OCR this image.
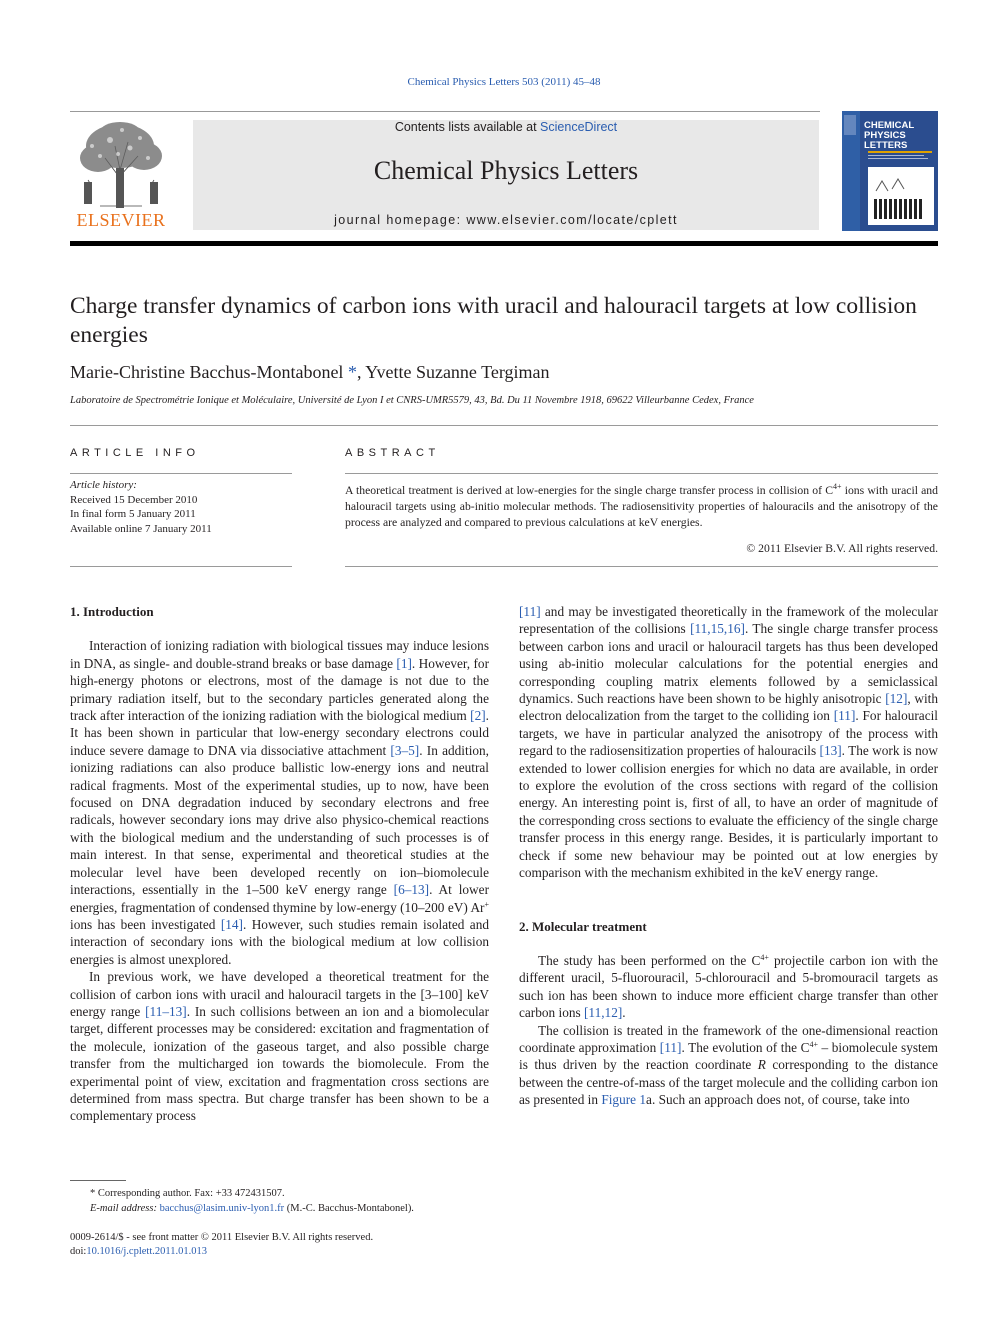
Chemical Physics Letters 503 (2011) 45–48
ELSEVIER
Contents lists available at ScienceDirect
Chemical Physics Letters
journal homepage: www.elsevier.com/locate/cplett
CHEMICAL PHYSICS LETTERS
Charge transfer dynamics of carbon ions with uracil and halouracil targets at low collision energies
Marie-Christine Bacchus-Montabonel *, Yvette Suzanne Tergiman
Laboratoire de Spectrométrie Ionique et Moléculaire, Université de Lyon I et CNRS-UMR5579, 43, Bd. Du 11 Novembre 1918, 69622 Villeurbanne Cedex, France
ARTICLE INFO
Article history:
Received 15 December 2010
In final form 5 January 2011
Available online 7 January 2011
ABSTRACT
A theoretical treatment is derived at low-energies for the single charge transfer process in collision of $C^{4+}$ ions with uracil and halouracil targets using ab-initio molecular methods. The radiosensitivity properties of halouracils and the anisotropy of the process are analyzed and compared to previous calculations at keV energies.
© 2011 Elsevier B.V. All rights reserved.

1. Introduction

Interaction of ionizing radiation with biological tissues may induce lesions in DNA, as single- and double-strand breaks or base damage [1]. However, for high-energy photons or electrons, most of the damage is not due to the primary radiation itself, but to the secondary particles generated along the track after interaction of the ionizing radiation with the biological medium [2]. It has been shown in particular that low-energy secondary electrons could induce severe damage to DNA via dissociative attachment [3–5]. In addition, ionizing radiations can also produce ballistic low-energy ions and neutral radical fragments. Most of the experimental studies, up to now, have been focused on DNA degradation induced by secondary electrons and free radicals, however secondary ions may drive also physico-chemical reactions with the biological medium and the understanding of such processes is of main interest. In that sense, experimental and theoretical studies at the molecular level have been developed recently on ion–biomolecule interactions, essentially in the 1–500 keV energy range [6–13]. At lower energies, fragmentation of condensed thymine by low-energy (10–200 eV) Ar+ ions has been investigated [14]. However, such studies remain isolated and interaction of secondary ions with the biological medium at low collision energies is almost unexplored.

In previous work, we have developed a theoretical treatment for the collision of carbon ions with uracil and halouracil targets in the [3–100] keV energy range [11–13]. In such collisions between an ion and a biomolecular target, different processes may be considered: excitation and fragmentation of the molecule, ionization of the gaseous target, and also possible charge transfer from the multicharged ion towards the biomolecule. From the experimental point of view, excitation and fragmentation cross sections are determined from mass spectra. But charge transfer has been shown to be a complementary process

[11] and may be investigated theoretically in the framework of the molecular representation of the collisions [11,15,16]. The single charge transfer process between carbon ions and uracil or halouracil targets has thus been developed using ab-initio molecular calculations for the potential energies and corresponding coupling matrix elements followed by a semiclassical dynamics. Such reactions have been shown to be highly anisotropic [12], with electron delocalization from the target to the colliding ion [11]. For halouracil targets, we have in particular analyzed the anisotropy of the process with regard to the radiosensitization properties of halouracils [13]. The work is now extended to lower collision energies for which no data are available, in order to explore the evolution of the cross sections with regard of the collision energy. An interesting point is, first of all, to have an order of magnitude of the corresponding cross sections to evaluate the efficiency of the single charge transfer process in this energy range. Besides, it is particularly important to check if some new behaviour may be pointed out at low energies by comparison with the mechanism exhibited in the keV energy range.

2. Molecular treatment

The study has been performed on the $C^{4+}$ projectile carbon ion with the different uracil, 5-fluorouracil, 5-chlorouracil and 5-bromouracil targets as such ion has been shown to induce more efficient charge transfer than other carbon ions [11,12].

The collision is treated in the framework of the one-dimensional reaction coordinate approximation [11]. The evolution of the $C^{4+}$ – biomolecule system is thus driven by the reaction coordinate R corresponding to the distance between the centre-of-mass of the target molecule and the colliding carbon ion as presented in Figure 1a. Such an approach does not, of course, take into

* Corresponding author. Fax: +33 472431507.
E-mail address: bacchus@lasim.univ-lyon1.fr (M.-C. Bacchus-Montabonel).
0009-2614/$ - see front matter © 2011 Elsevier B.V. All rights reserved.
doi:10.1016/j.cplett.2011.01.013
